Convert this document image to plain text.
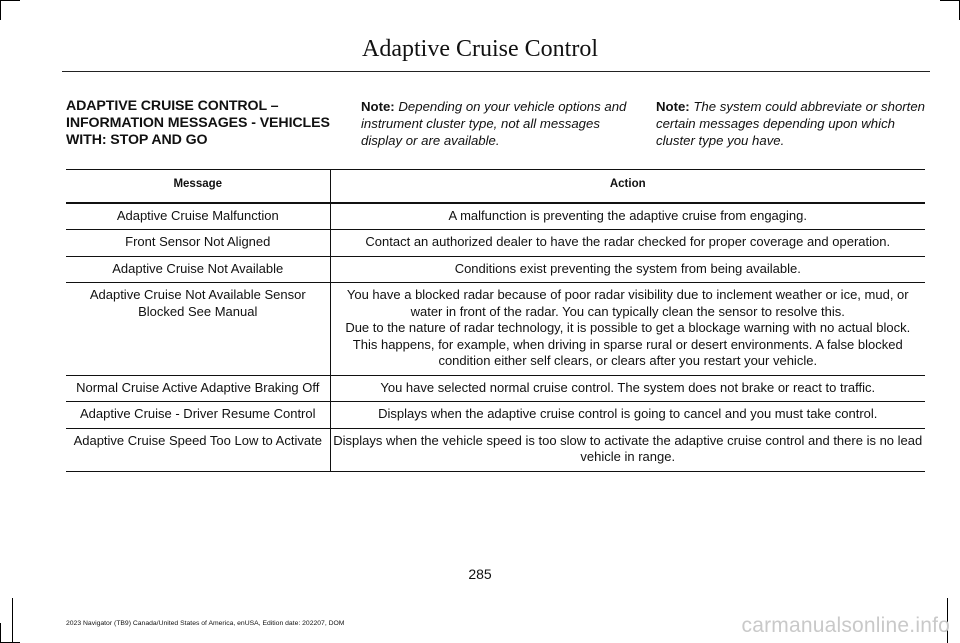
Adaptive Cruise Control
ADAPTIVE CRUISE CONTROL – INFORMATION MESSAGES - VEHICLES WITH: STOP AND GO
Note: Depending on your vehicle options and instrument cluster type, not all messages display or are available.
Note: The system could abbreviate or shorten certain messages depending upon which cluster type you have.
Message	Action
Adaptive Cruise Malfunction	A malfunction is preventing the adaptive cruise from engaging.

Front Sensor Not Aligned	Contact an authorized dealer to have the radar checked for proper coverage and operation.

Adaptive Cruise Not Available	Conditions exist preventing the system from being available.

Adaptive Cruise Not Available Sensor Blocked See Manual	You have a blocked radar because of poor radar visibility due to inclement weather or ice, mud, or water in front of the radar. You can typically clean the sensor to resolve this.
Due to the nature of radar technology, it is possible to get a blockage warning with no actual block. This happens, for example, when driving in sparse rural or desert environments. A false blocked condition either self clears, or clears after you restart your vehicle.

Normal Cruise Active Adaptive Braking Off	You have selected normal cruise control. The system does not brake or react to traffic.

Adaptive Cruise - Driver Resume Control	Displays when the adaptive cruise control is going to cancel and you must take control.

Adaptive Cruise Speed Too Low to Activate	Displays when the vehicle speed is too slow to activate the adaptive cruise control and there is no lead vehicle in range.
285
2023 Navigator (TB9) Canada/United States of America, enUSA, Edition date: 202207, DOM	carmanualsonline.info
